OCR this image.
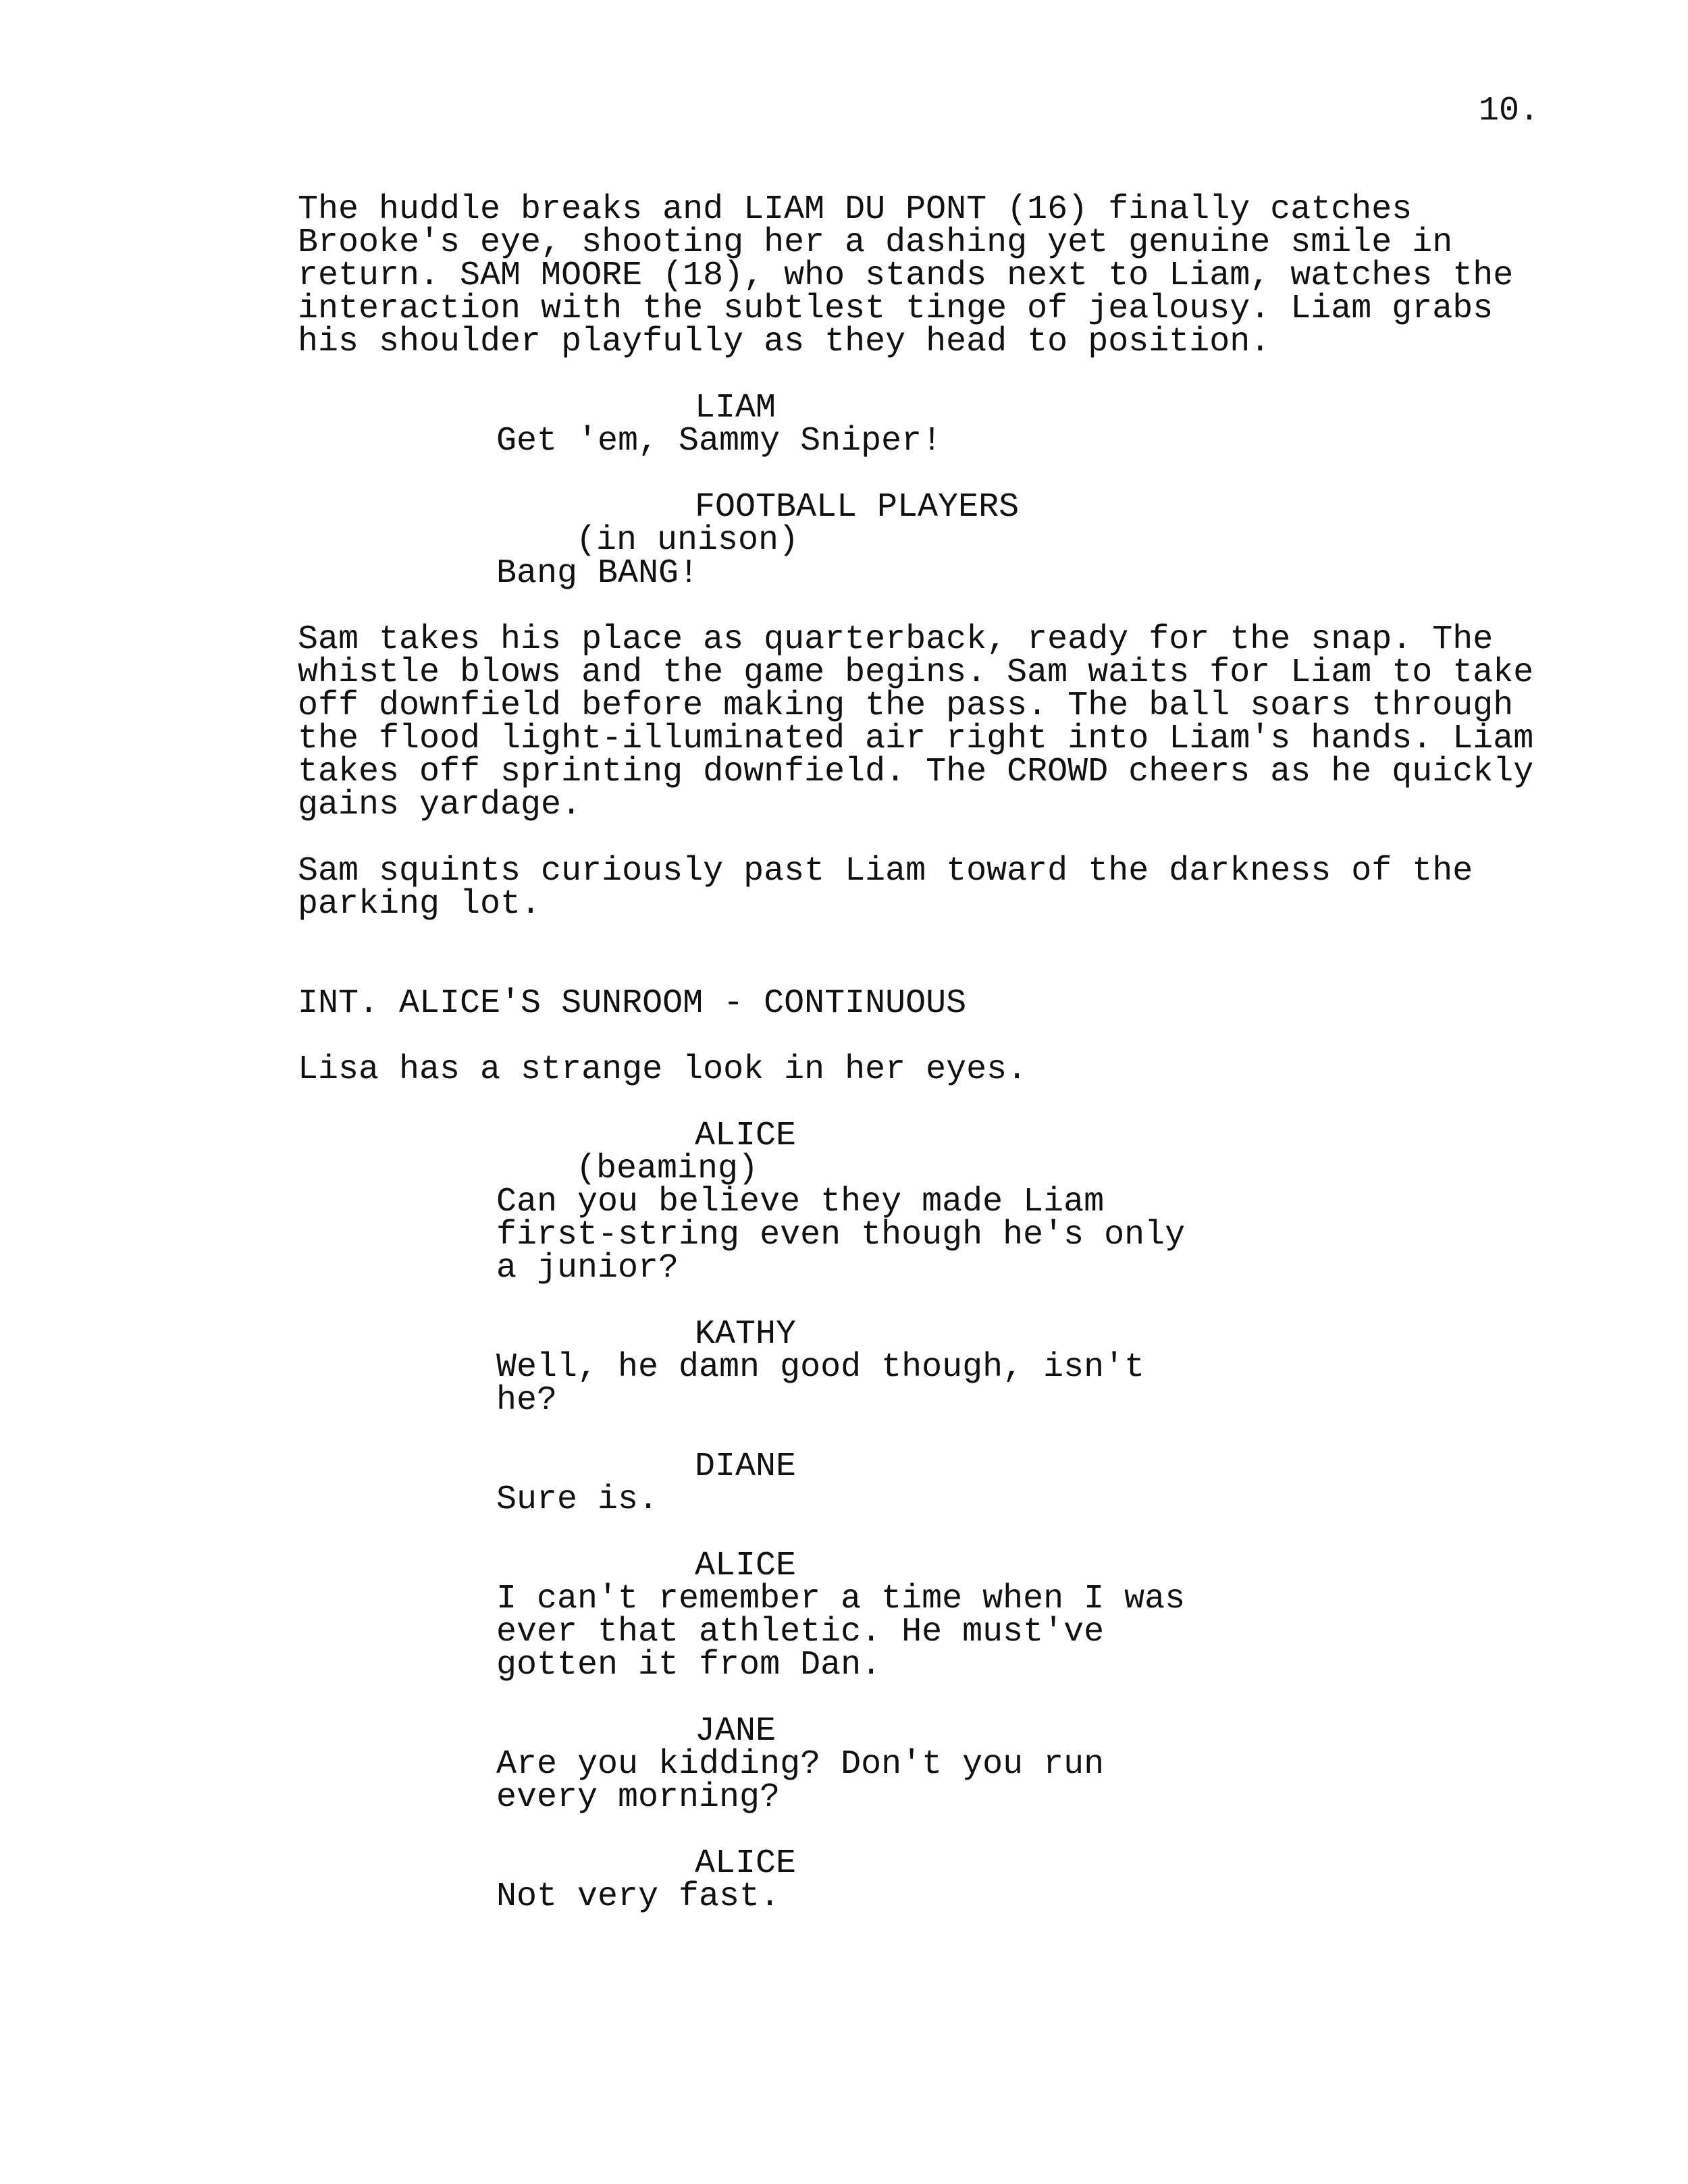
10.

The huddle breaks and LIAM DU PONT (16) finally catches
Brooke's eye, shooting her a dashing yet genuine smile in
return. SAM MOORE (18), who stands next to Liam, watches the
interaction with the subtlest tinge of jealousy. Liam grabs
his shoulder playfully as they head to position.

LIAM

Get 'em, Sammy Sniper!

FOOTBALL PLAYERS

(in unison)

Bang BANG!

Sam takes his place as quarterback, ready for the snap. The
whistle blows and the game begins. Sam waits for Liam to take
off downfield before making the pass. The ball soars through
the flood light-illuminated air right into Liam's hands. Liam
takes off sprinting downfield. The CROWD cheers as he quickly
gains yardage.

Sam squints curiously past Liam toward the darkness of the
parking lot.

INT. ALICE'S SUNROOM - CONTINUOUS

Lisa has a strange look in her eyes.

ALICE

(beaming)

Can you believe they made Liam
first-string even though he's only
a junior?

KATHY

Well, he damn good though, isn't
he?

DIANE

Sure is.

ALICE

I can't remember a time when I was
ever that athletic. He must've
gotten it from Dan.

JANE

Are you kidding? Don't you run
every morning?

ALICE

Not very fast.
